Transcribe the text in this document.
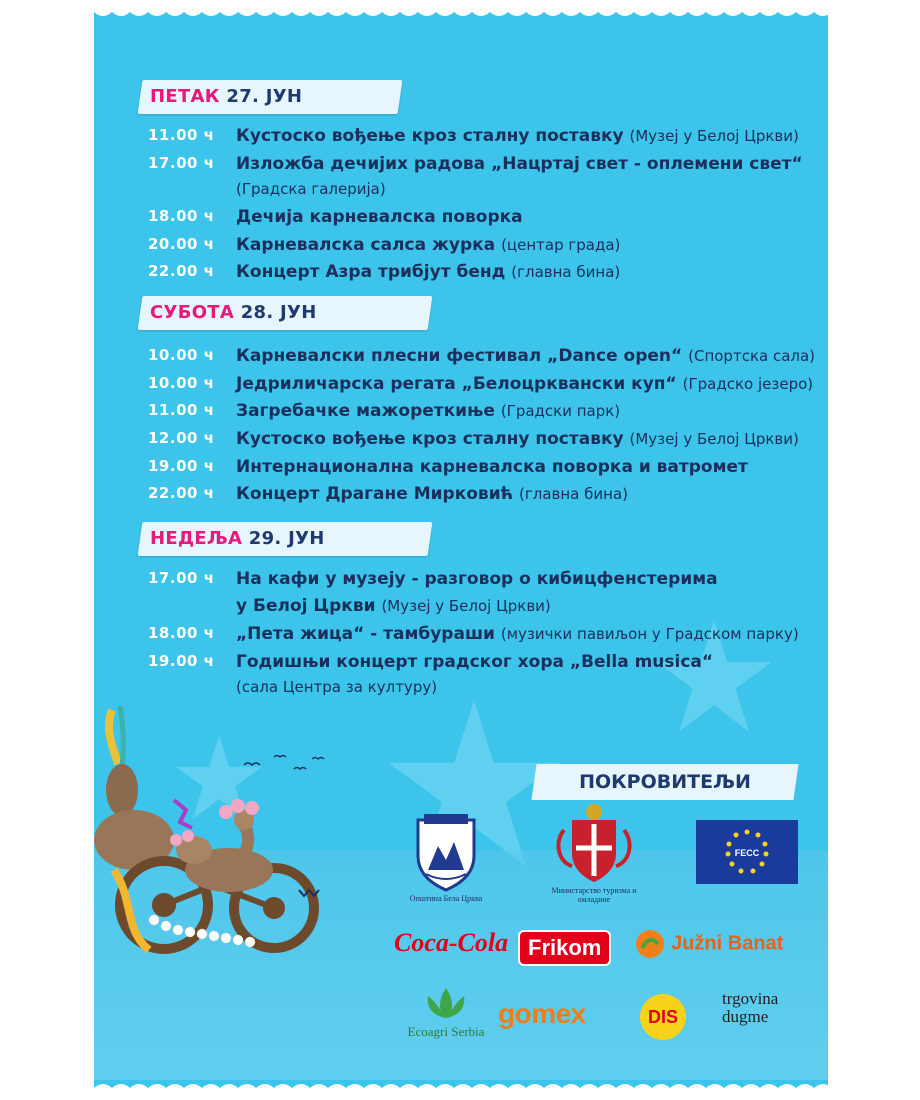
ПЕТАК 27. ЈУН
11.00 ч	Кустоско вођење кроз сталну поставку (Музеј у Белој Цркви)
17.00 ч	Изложба дечијих радова „Нацртај свет - оплемени свет“
(Градска галерија)
18.00 ч	Дечија карневалска поворка
20.00 ч	Карневалска салса журка (центар града)
22.00 ч	Концерт Азра трибјут бенд (главна бина)
СУБОТА 28. ЈУН
10.00 ч	Карневалски плесни фестивал „Dance open“ (Спортска сала)
10.00 ч	Једриличарска регата „Белоцрквански куп“ (Градско језеро)
11.00 ч	Загребачке мажореткиње (Градски парк)
12.00 ч	Кустоско вођење кроз сталну поставку (Музеј у Белој Цркви)
19.00 ч	Интернационална карневалска поворка и ватромет
22.00 ч	Концерт Драгане Мирковић (главна бина)
НЕДЕЉА 29. ЈУН
17.00 ч	На кафи у музеју - разговор о кибицфенстерима
у Белој Цркви (Музеј у Белој Цркви)
18.00 ч	„Пета жица“ - тамбураши (музички павиљон у Градском парку)
19.00 ч	Годишњи концерт градског хора „Bella musica“
(сала Центра за културу)
ПОКРОВИТЕЉИ
Општина Бела Црква
Министарство туризма и омладине
FECC
Coca-Cola Frikom	Južni Banat
Ecoagri Serbia
gomex	DIS
trgovina dugme
